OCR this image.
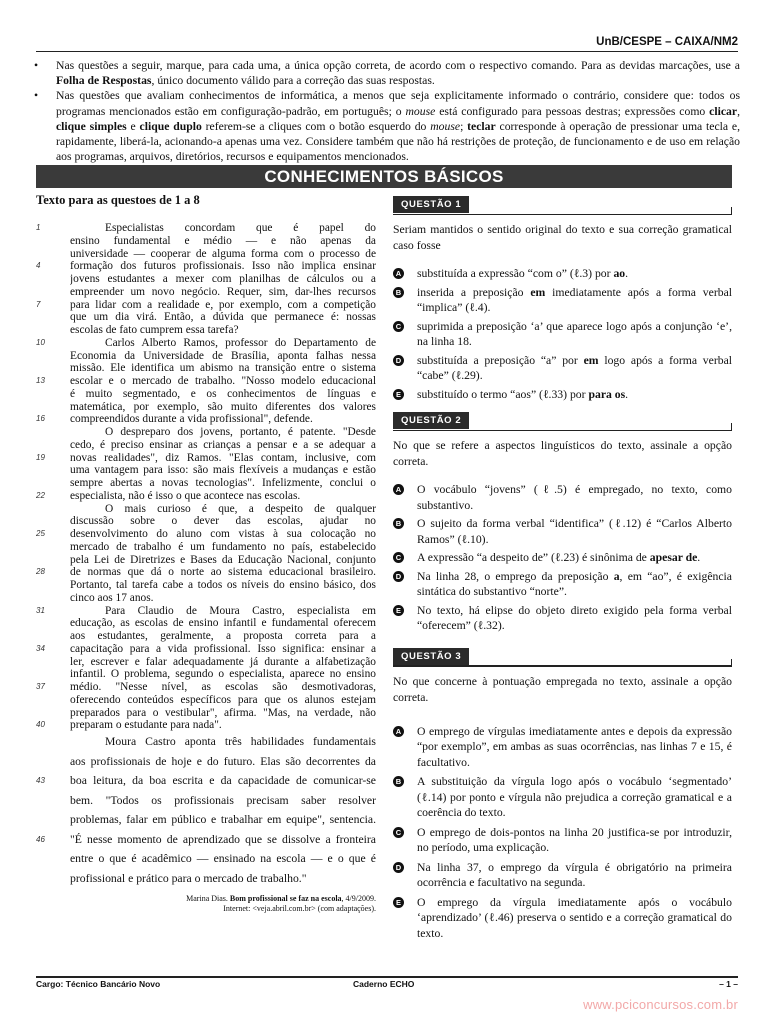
UnB/CESPE – CAIXA/NM2
• Nas questões a seguir, marque, para cada uma, a única opção correta, de acordo com o respectivo comando. Para as devidas marcações, use a Folha de Respostas, único documento válido para a correção das suas respostas.
• Nas questões que avaliam conhecimentos de informática, a menos que seja explicitamente informado o contrário, considere que: todos os programas mencionados estão em configuração-padrão, em português; o mouse está configurado para pessoas destras; expressões como clicar, clique simples e clique duplo referem-se a cliques com o botão esquerdo do mouse; teclar corresponde à operação de pressionar uma tecla e, rapidamente, liberá-la, acionando-a apenas uma vez. Considere também que não há restrições de proteção, de funcionamento e de uso em relação aos programas, arquivos, diretórios, recursos e equipamentos mencionados.
CONHECIMENTOS BÁSICOS
Texto para as questoes de 1 a 8
1	Especialistas concordam que é papel do
ensino fundamental e médio — e não apenas da
universidade — cooperar de alguma forma com o processo de
4	formação dos futuros profissionais. Isso não implica ensinar
jovens estudantes a mexer com planilhas de cálculos ou a
empreender um novo negócio. Requer, sim, dar-lhes recursos
7	para lidar com a realidade e, por exemplo, com a competição
que um dia virá. Então, a dúvida que permanece é: nossas
escolas de fato cumprem essa tarefa?
10	Carlos Alberto Ramos, professor do Departamento de
Economia da Universidade de Brasília, aponta falhas nessa
missão. Ele identifica um abismo na transição entre o sistema
13 escolar e o mercado de trabalho. "Nosso modelo educacional
é muito segmentado, e os conhecimentos de línguas e
matemática, por exemplo, são muito diferentes dos valores
16 compreendidos durante a vida profissional", defende.
O despreparo dos jovens, portanto, é patente. "Desde
cedo, é preciso ensinar as crianças a pensar e a se adequar a
19 novas realidades", diz Ramos. "Elas contam, inclusive, com
uma vantagem para isso: são mais flexíveis a mudanças e estão
sempre abertas a novas tecnologias". Infelizmente, conclui o
22 especialista, não é isso o que acontece nas escolas.
O mais curioso é que, a despeito de qualquer
discussão sobre o dever das escolas, ajudar no
25 desenvolvimento do aluno com vistas à sua colocação no
mercado de trabalho é um fundamento no país, estabelecido
pela Lei de Diretrizes e Bases da Educação Nacional, conjunto
28 de normas que dá o norte ao sistema educacional brasileiro.
Portanto, tal tarefa cabe a todos os níveis do ensino básico, dos
cinco aos 17 anos.
31	Para Claudio de Moura Castro, especialista em
educação, as escolas de ensino infantil e fundamental oferecem
aos estudantes, geralmente, a proposta correta para a
34 capacitação para a vida profissional. Isso significa: ensinar a
ler, escrever e falar adequadamente já durante a alfabetização
infantil. O problema, segundo o especialista, aparece no ensino
37 médio. "Nesse nível, as escolas são desmotivadoras,
oferecendo conteúdos específicos para que os alunos estejam
preparados para o vestibular", afirma. "Mas, na verdade, não
40 preparam o estudante para nada".
Moura Castro aponta três habilidades fundamentais
aos profissionais de hoje e do futuro. Elas são decorrentes da
43 boa leitura, da boa escrita e da capacidade de comunicar-se
bem. "Todos os profissionais precisam saber resolver
problemas, falar em público e trabalhar em equipe", sentencia.
46 "É nesse momento de aprendizado que se dissolve a fronteira
entre o que é acadêmico — ensinado na escola — e o que é
profissional e prático para o mercado de trabalho."
Marina Dias. Bom profissional se faz na escola, 4/9/2009.
Internet: <veja.abril.com.br> (com adaptações).
QUESTÃO 1
Seriam mantidos o sentido original do texto e sua correção gramatical caso fosse
A substituída a expressão “com o” (ℓ.3) por ao.
B inserida a preposição em imediatamente após a forma verbal “implica” (ℓ.4).
C suprimida a preposição ‘a’ que aparece logo após a conjunção ‘e’, na linha 18.
D substituída a preposição “a” por em logo após a forma verbal “cabe” (ℓ.29).
E substituído o termo “aos” (ℓ.33) por para os.
QUESTÃO 2
No que se refere a aspectos linguísticos do texto, assinale a opção correta.
A O vocábulo “jovens” (ℓ.5) é empregado, no texto, como substantivo.
B O sujeito da forma verbal “identifica” (ℓ.12) é “Carlos Alberto Ramos” (ℓ.10).
C A expressão “a despeito de” (ℓ.23) é sinônima de apesar de.
D Na linha 28, o emprego da preposição a, em “ao”, é exigência sintática do substantivo “norte”.
E No texto, há elipse do objeto direto exigido pela forma verbal “oferecem” (ℓ.32).
QUESTÃO 3
No que concerne à pontuação empregada no texto, assinale a opção correta.
A O emprego de vírgulas imediatamente antes e depois da expressão “por exemplo”, em ambas as suas ocorrências, nas linhas 7 e 15, é facultativo.
B A substituição da vírgula logo após o vocábulo ‘segmentado’ (ℓ.14) por ponto e vírgula não prejudica a correção gramatical e a coerência do texto.
C O emprego de dois-pontos na linha 20 justifica-se por introduzir, no período, uma explicação.
D Na linha 37, o emprego da vírgula é obrigatório na primeira ocorrência e facultativo na segunda.
E O emprego da vírgula imediatamente após o vocábulo ‘aprendizado’ (ℓ.46) preserva o sentido e a correção gramatical do texto.
Cargo: Técnico Bancário Novo	Caderno ECHO	– 1 –
www.pciconcursos.com.br
